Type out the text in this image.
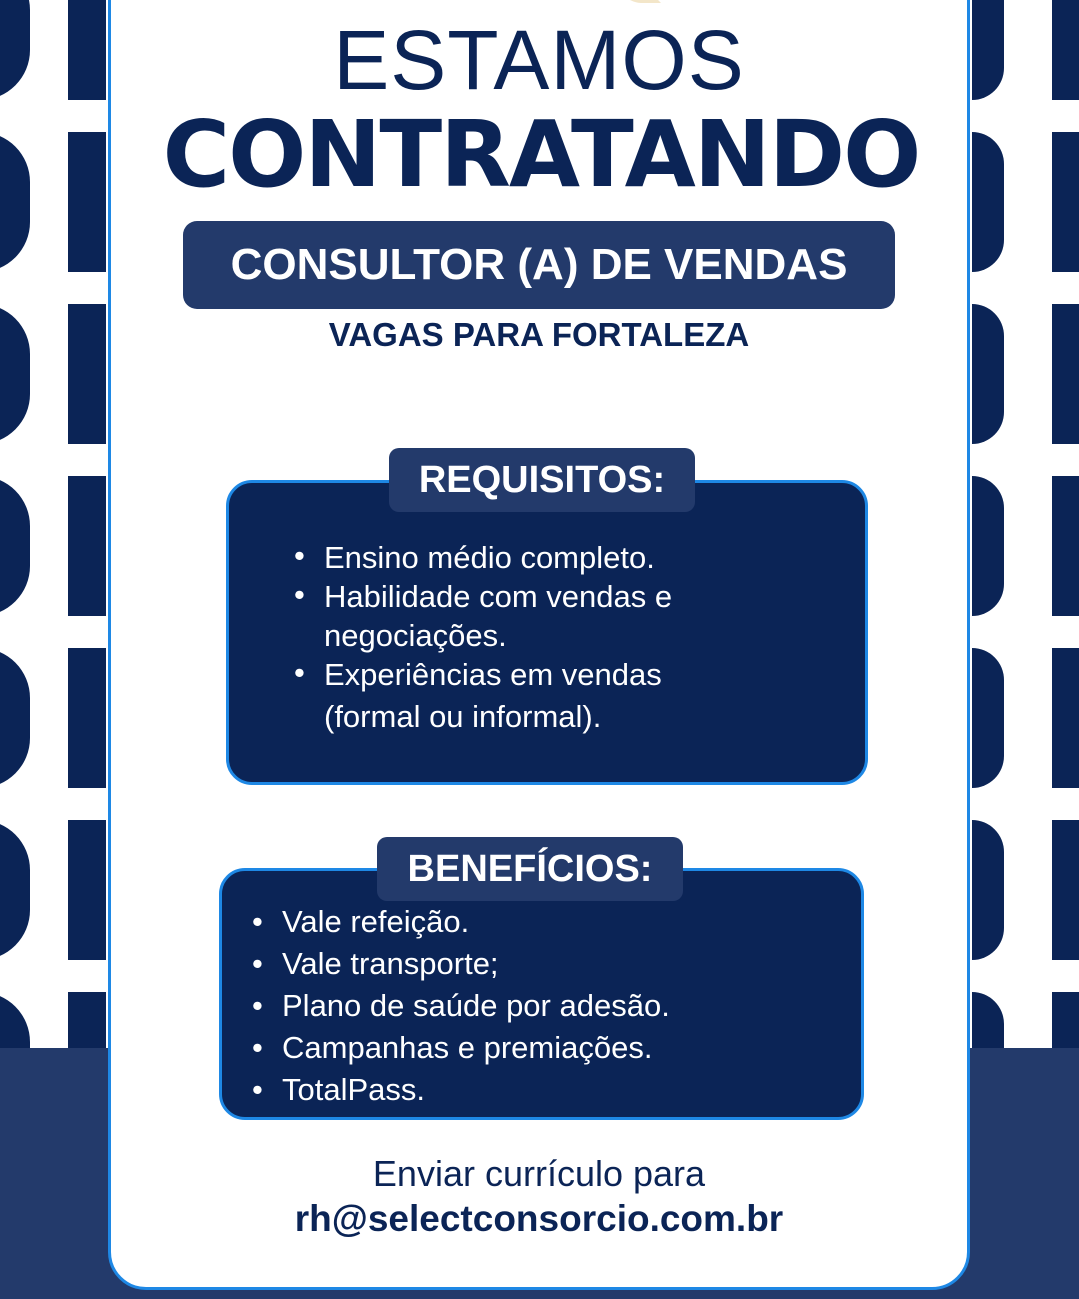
ESTAMOS
CONTRATANDO
CONSULTOR (A) DE VENDAS
VAGAS PARA FORTALEZA
• Ensino médio completo.
• Habilidade com vendas e
negociações.
• Experiências em vendas
(formal ou informal).
REQUISITOS:
• Vale refeição.
• Vale transporte;
• Plano de saúde por adesão.
• Campanhas e premiações.
• TotalPass.
BENEFÍCIOS:
Enviar currículo para
rh@selectconsorcio.com.br
